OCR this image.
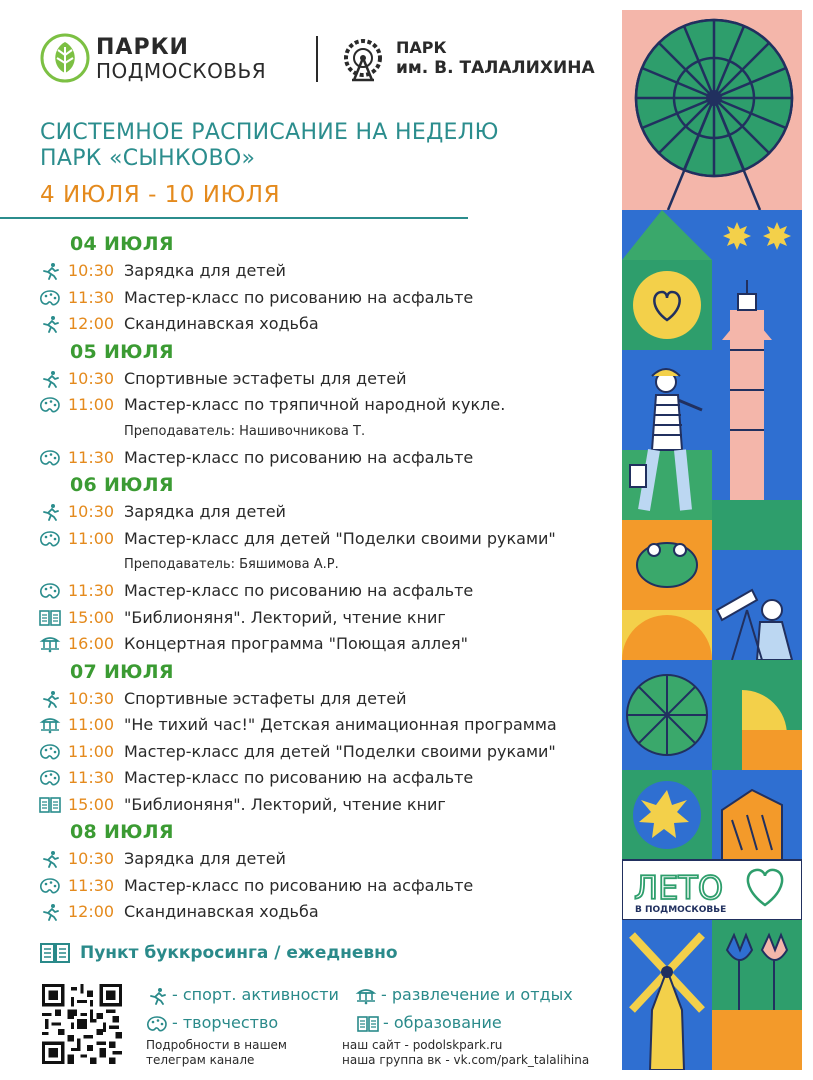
ПАРКИ
ПОДМОСКОВЬЯ
ПАРК
им. В. ТАЛАЛИХИНА
СИСТЕМНОЕ РАСПИСАНИЕ НА НЕДЕЛЮ
ПАРК «СЫНКОВО»
4 ИЮЛЯ - 10 ИЮЛЯ
04 ИЮЛЯ
10:30 Зарядка для детей
11:30 Мастер-класс по рисованию на асфальте
12:00 Скандинавская ходьба
05 ИЮЛЯ
10:30 Спортивные эстафеты для детей
11:00 Мастер-класс по тряпичной народной кукле.
Преподаватель: Нашивочникова Т.
11:30 Мастер-класс по рисованию на асфальте
06 ИЮЛЯ
10:30 Зарядка для детей
11:00 Мастер-класс для детей "Поделки своими руками"
Преподаватель: Бяшимова А.Р.
11:30 Мастер-класс по рисованию на асфальте
15:00 "Библионяня". Лекторий, чтение книг
16:00 Концертная программа "Поющая аллея"
07 ИЮЛЯ
10:30 Спортивные эстафеты для детей
11:00 "Не тихий час!" Детская анимационная программа
11:00 Мастер-класс для детей "Поделки своими руками"
11:30 Мастер-класс по рисованию на асфальте
15:00 "Библионяня". Лекторий, чтение книг
08 ИЮЛЯ
10:30 Зарядка для детей
11:30 Мастер-класс по рисованию на асфальте
12:00 Скандинавская ходьба
Пункт буккросинга / ежедневно
- спорт. активности	- развлечение и отдых
- творчество	- образование
Подробности в нашем
телеграм канале
наш сайт - podolskpark.ru
наша группа вк - vk.com/park_talalihina
ЛЕТО
В ПОДМОСКОВЬЕ
